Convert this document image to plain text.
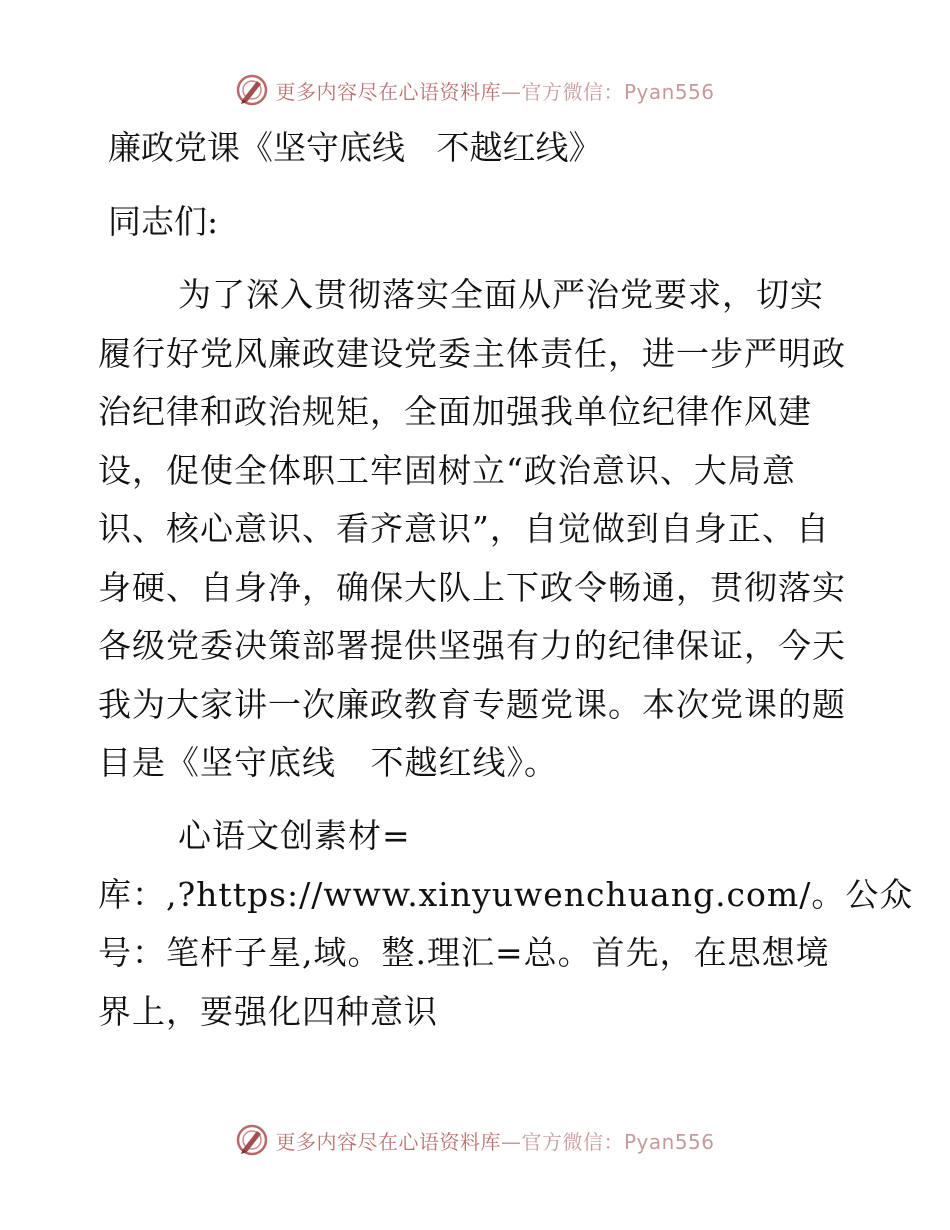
更多内容尽在心语资料库—官方微信：Pyan556
廉政党课《坚守底线   不越红线》
同志们:
为了深入贯彻落实全面从严治党要求，切实
履行好党风廉政建设党委主体责任，进一步严明政
治纪律和政治规矩，全面加强我单位纪律作风建
设，促使全体职工牢固树立“政治意识、大局意
识、核心意识、看齐意识”，自觉做到自身正、自
身硬、自身净，确保大队上下政令畅通，贯彻落实
各级党委决策部署提供坚强有力的纪律保证，今天
我为大家讲一次廉政教育专题党课。本次党课的题
目是《坚守底线   不越红线》。
心语文创素材=
库：,?https://www.xinyuwenchuang.com/。公众
号：笔杆子星,域。整.理汇=总。首先，在思想境
界上，要强化四种意识
更多内容尽在心语资料库—官方微信：Pyan556
